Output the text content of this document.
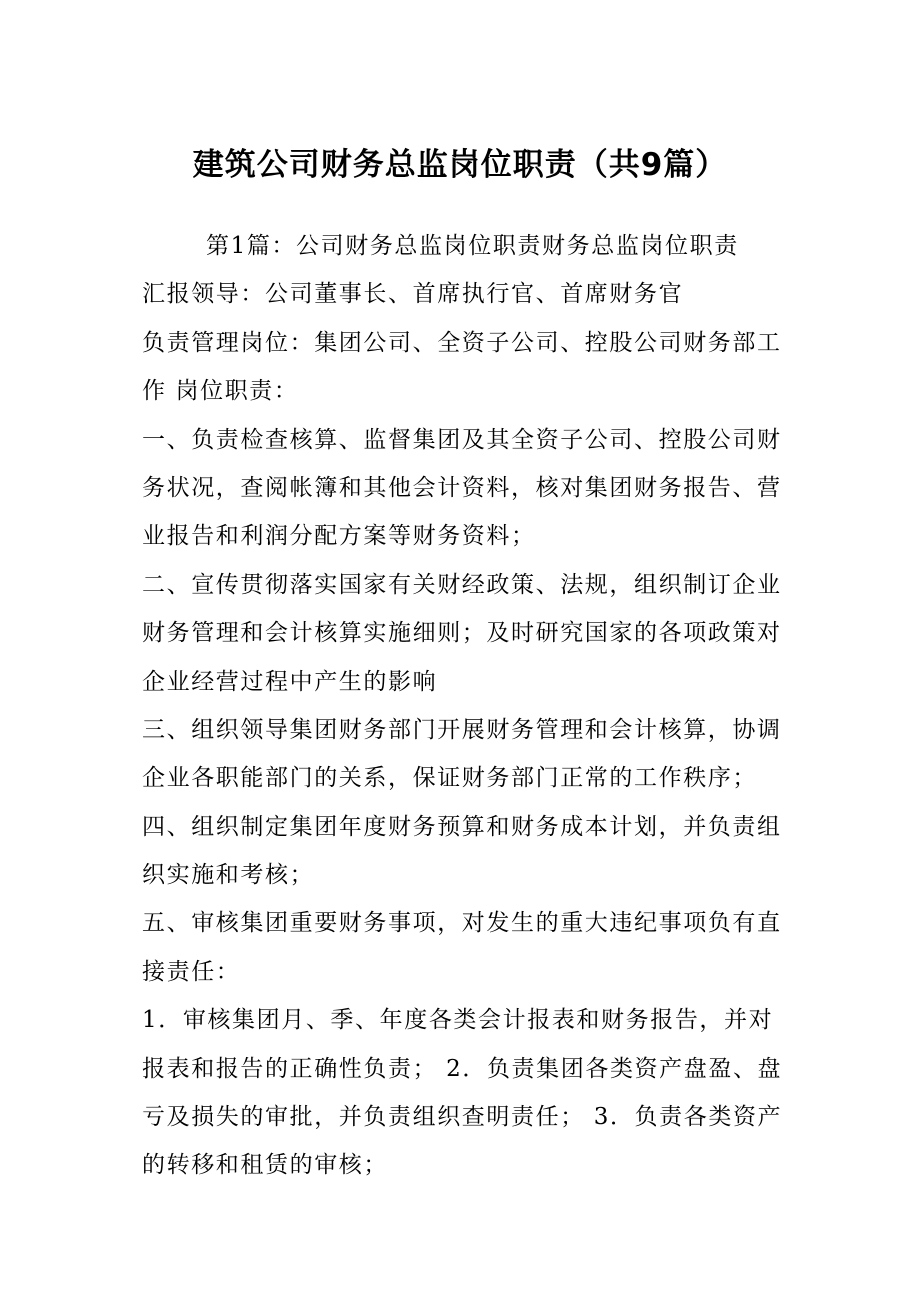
建筑公司财务总监岗位职责（共9篇）
第1篇：公司财务总监岗位职责财务总监岗位职责
汇报领导：公司董事长、首席执行官、首席财务官
负责管理岗位：集团公司、全资子公司、控股公司财务部工
作 岗位职责：
一、负责检查核算、监督集团及其全资子公司、控股公司财
务状况，查阅帐簿和其他会计资料，核对集团财务报告、营
业报告和利润分配方案等财务资料；
二、宣传贯彻落实国家有关财经政策、法规，组织制订企业
财务管理和会计核算实施细则；及时研究国家的各项政策对
企业经营过程中产生的影响
三、组织领导集团财务部门开展财务管理和会计核算，协调
企业各职能部门的关系，保证财务部门正常的工作秩序；
四、组织制定集团年度财务预算和财务成本计划，并负责组
织实施和考核；
五、审核集团重要财务事项，对发生的重大违纪事项负有直
接责任：
1．审核集团月、季、年度各类会计报表和财务报告，并对
报表和报告的正确性负责； 2．负责集团各类资产盘盈、盘
亏及损失的审批，并负责组织查明责任； 3．负责各类资产
的转移和租赁的审核；
